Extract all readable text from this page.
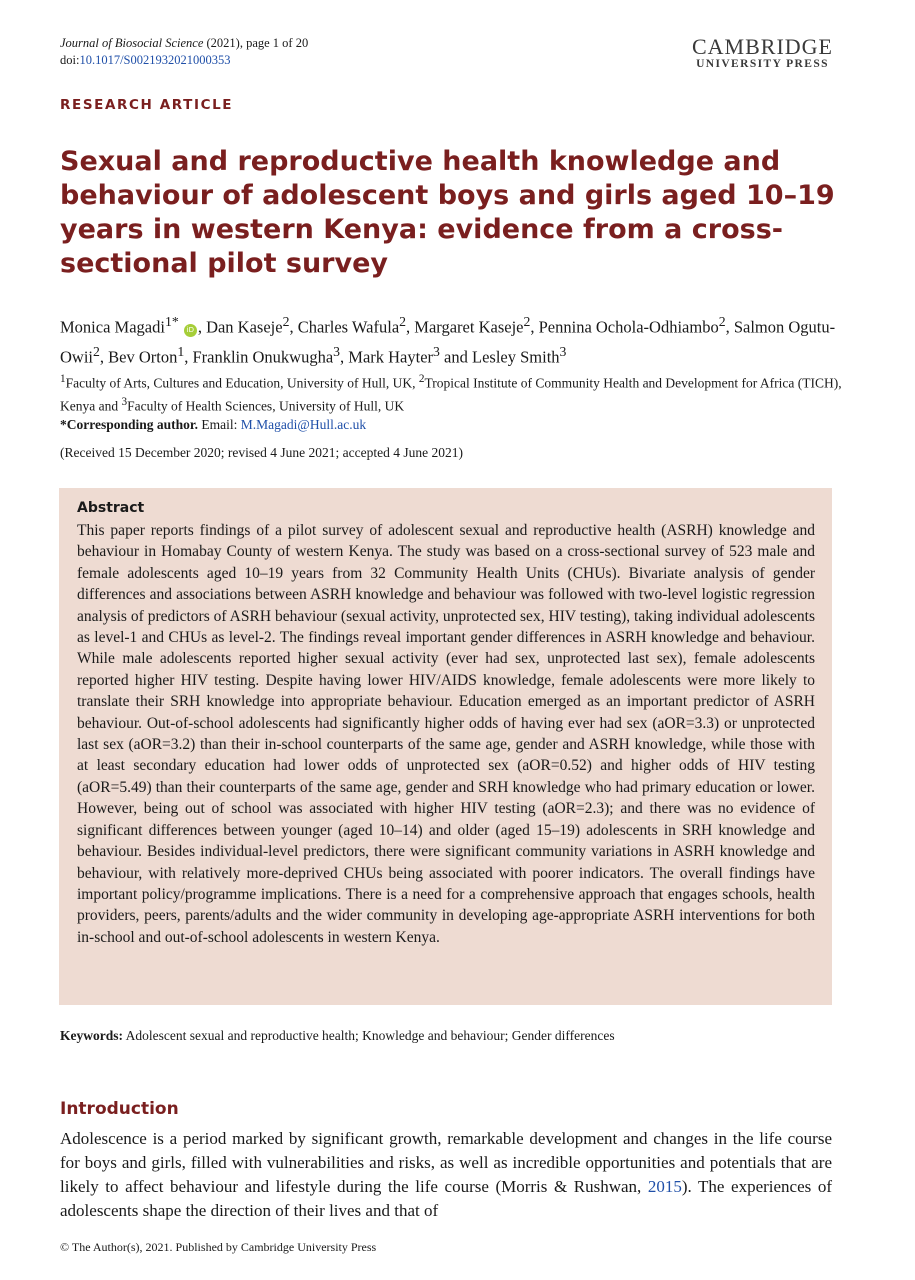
Journal of Biosocial Science (2021), page 1 of 20
doi:10.1017/S0021932021000353
CAMBRIDGE
UNIVERSITY PRESS
RESEARCH ARTICLE
Sexual and reproductive health knowledge and behaviour of adolescent boys and girls aged 10–19 years in western Kenya: evidence from a cross-sectional pilot survey
Monica Magadi$^{1*}$ iD , Dan Kaseje$^2$, Charles Wafula$^2$, Margaret Kaseje$^2$, Pennina Ochola-Odhiambo$^2$, Salmon Ogutu-Owii$^2$, Bev Orton$^1$, Franklin Onukwugha$^3$, Mark Hayter$^3$ and Lesley Smith$^3$
$^1$Faculty of Arts, Cultures and Education, University of Hull, UK, $^2$Tropical Institute of Community Health and Development for Africa (TICH), Kenya and $^3$Faculty of Health Sciences, University of Hull, UK
*Corresponding author. Email: M.Magadi@Hull.ac.uk
(Received 15 December 2020; revised 4 June 2021; accepted 4 June 2021)
Abstract

This paper reports findings of a pilot survey of adolescent sexual and reproductive health (ASRH) knowledge and behaviour in Homabay County of western Kenya. The study was based on a cross-sectional survey of 523 male and female adolescents aged 10–19 years from 32 Community Health Units (CHUs). Bivariate analysis of gender differences and associations between ASRH knowledge and behaviour was followed with two-level logistic regression analysis of predictors of ASRH behaviour (sexual activity, unprotected sex, HIV testing), taking individual adolescents as level-1 and CHUs as level-2. The findings reveal important gender differences in ASRH knowledge and behaviour. While male adolescents reported higher sexual activity (ever had sex, unprotected last sex), female adolescents reported higher HIV testing. Despite having lower HIV/AIDS knowledge, female adolescents were more likely to translate their SRH knowledge into appropriate behaviour. Education emerged as an important predictor of ASRH behaviour. Out-of-school adolescents had significantly higher odds of having ever had sex (aOR=3.3) or unprotected last sex (aOR=3.2) than their in-school counterparts of the same age, gender and ASRH knowledge, while those with at least secondary education had lower odds of unprotected sex (aOR=0.52) and higher odds of HIV testing (aOR=5.49) than their counterparts of the same age, gender and SRH knowledge who had primary education or lower. However, being out of school was associated with higher HIV testing (aOR=2.3); and there was no evidence of significant differences between younger (aged 10–14) and older (aged 15–19) adolescents in SRH knowledge and behaviour. Besides individual-level predictors, there were significant community variations in ASRH knowledge and behaviour, with relatively more-deprived CHUs being associated with poorer indicators. The overall findings have important policy/programme implications. There is a need for a comprehensive approach that engages schools, health providers, peers, parents/adults and the wider community in developing age-appropriate ASRH interventions for both in-school and out-of-school adolescents in western Kenya.

Keywords: Adolescent sexual and reproductive health; Knowledge and behaviour; Gender differences
Introduction

Adolescence is a period marked by significant growth, remarkable development and changes in the life course for boys and girls, filled with vulnerabilities and risks, as well as incredible opportunities and potentials that are likely to affect behaviour and lifestyle during the life course (Morris & Rushwan, 2015). The experiences of adolescents shape the direction of their lives and that of

© The Author(s), 2021. Published by Cambridge University Press
